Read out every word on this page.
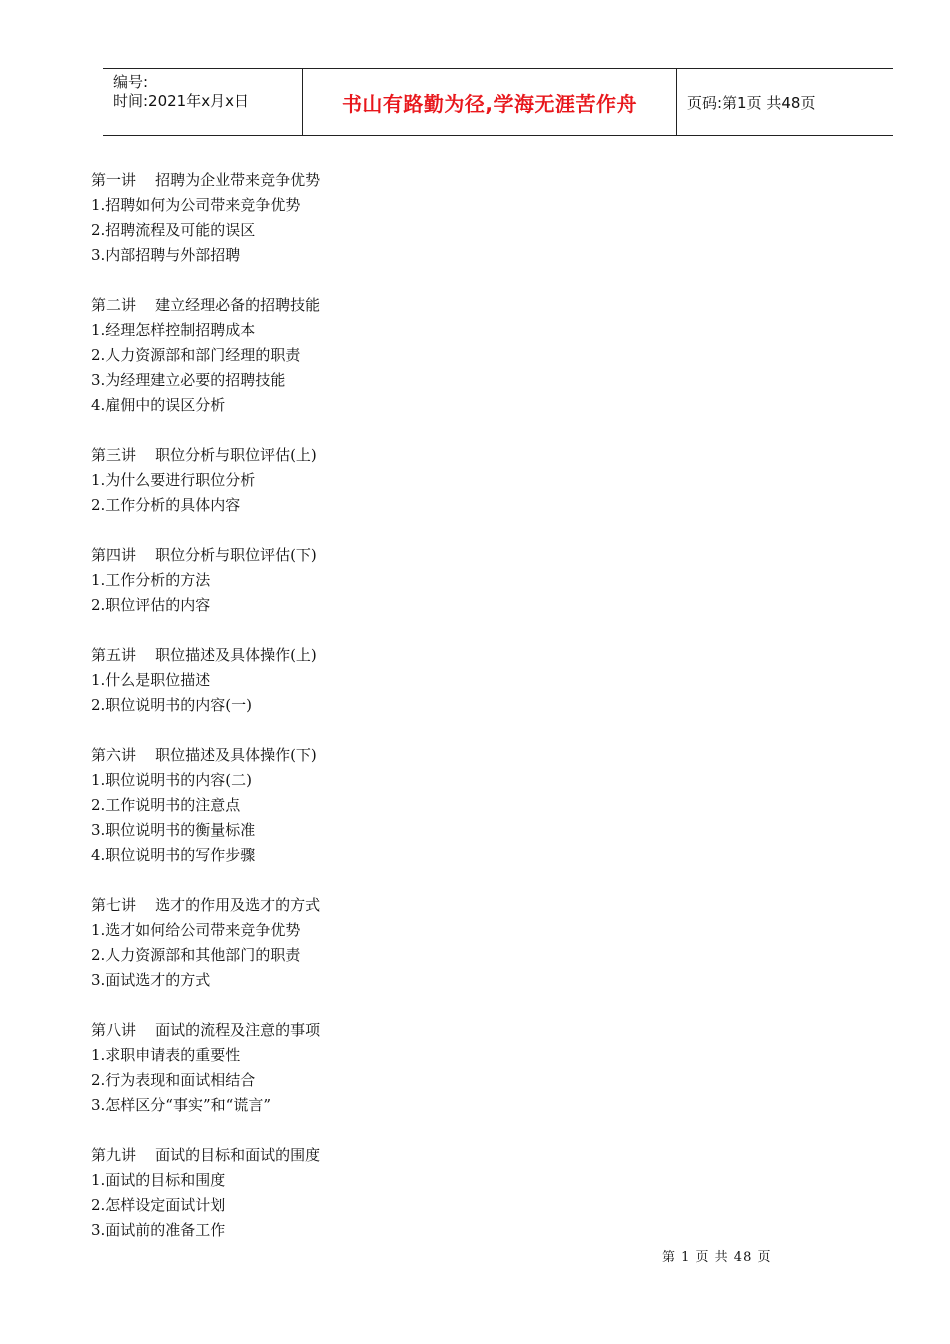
编号:
时间:2021年x月x日	书山有路勤为径,学海无涯苦作舟	页码:第1页 共48页
第一讲    招聘为企业带来竞争优势
1.招聘如何为公司带来竞争优势
2.招聘流程及可能的误区
3.内部招聘与外部招聘
第二讲    建立经理必备的招聘技能
1.经理怎样控制招聘成本
2.人力资源部和部门经理的职责
3.为经理建立必要的招聘技能
4.雇佣中的误区分析
第三讲    职位分析与职位评估(上)
1.为什么要进行职位分析
2.工作分析的具体内容
第四讲    职位分析与职位评估(下)
1.工作分析的方法
2.职位评估的内容
第五讲    职位描述及具体操作(上)
1.什么是职位描述
2.职位说明书的内容(一)
第六讲    职位描述及具体操作(下)
1.职位说明书的内容(二)
2.工作说明书的注意点
3.职位说明书的衡量标准
4.职位说明书的写作步骤
第七讲    选才的作用及选才的方式
1.选才如何给公司带来竞争优势
2.人力资源部和其他部门的职责
3.面试选才的方式
第八讲    面试的流程及注意的事项
1.求职申请表的重要性
2.行为表现和面试相结合
3.怎样区分“事实”和“谎言”
第九讲    面试的目标和面试的围度
1.面试的目标和围度
2.怎样设定面试计划
3.面试前的准备工作
第 1 页 共 48 页
